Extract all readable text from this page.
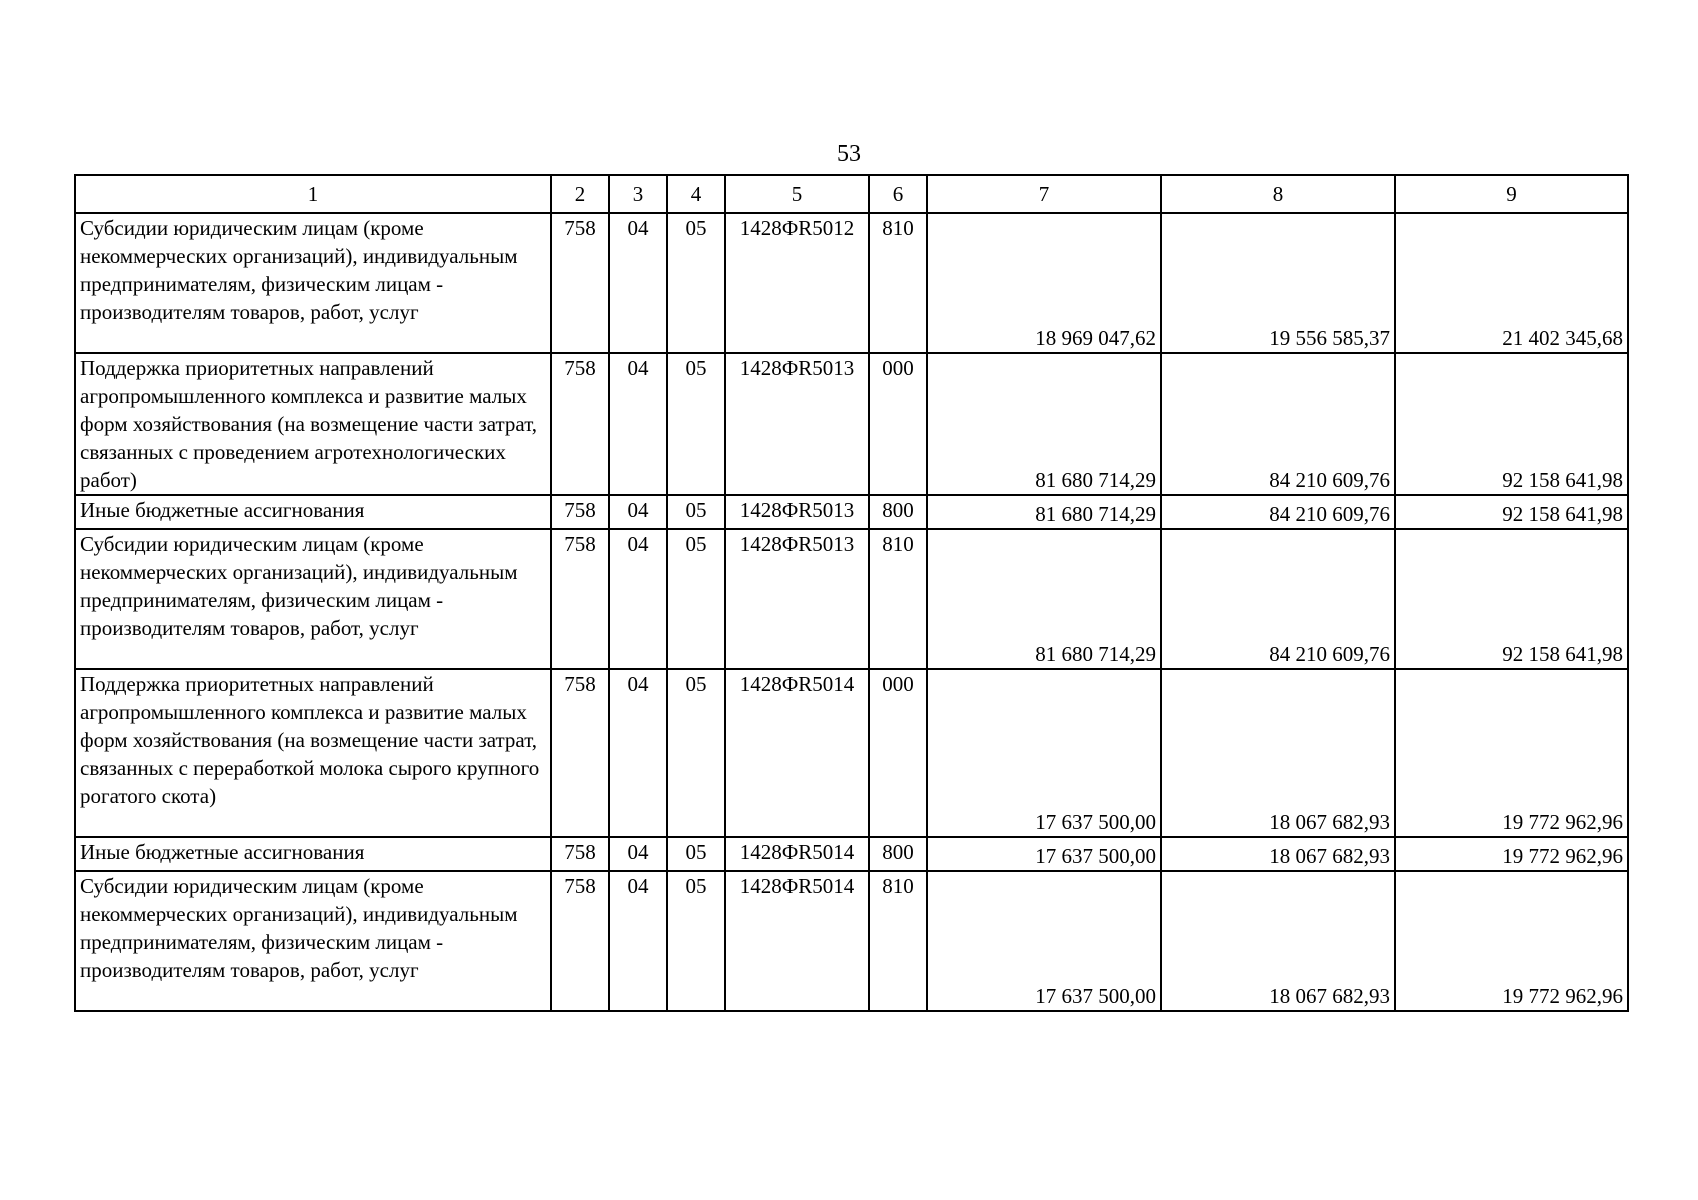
53
1	2	3	4	5	6	7	8	9
Субсидии юридическим лицам (кроме некоммерческих организаций), индивидуальным предпринимателям, физическим лицам - производителям товаров, работ, услуг	758	04	05	1428ФR5012	810	18 969 047,62	19 556 585,37	21 402 345,68
Поддержка приоритетных направлений агропромышленного комплекса и развитие малых форм хозяйствования (на возмещение части затрат, связанных с проведением агротехнологических работ)	758	04	05	1428ФR5013	000	81 680 714,29	84 210 609,76	92 158 641,98
Иные бюджетные ассигнования	758	04	05	1428ФR5013	800	81 680 714,29	84 210 609,76	92 158 641,98
Субсидии юридическим лицам (кроме некоммерческих организаций), индивидуальным предпринимателям, физическим лицам - производителям товаров, работ, услуг	758	04	05	1428ФR5013	810	81 680 714,29	84 210 609,76	92 158 641,98
Поддержка приоритетных направлений агропромышленного комплекса и развитие малых форм хозяйствования (на возмещение части затрат, связанных с переработкой молока сырого крупного рогатого скота)	758	04	05	1428ФR5014	000	17 637 500,00	18 067 682,93	19 772 962,96
Иные бюджетные ассигнования	758	04	05	1428ФR5014	800	17 637 500,00	18 067 682,93	19 772 962,96
Субсидии юридическим лицам (кроме некоммерческих организаций), индивидуальным предпринимателям, физическим лицам - производителям товаров, работ, услуг	758	04	05	1428ФR5014	810	17 637 500,00	18 067 682,93	19 772 962,96
